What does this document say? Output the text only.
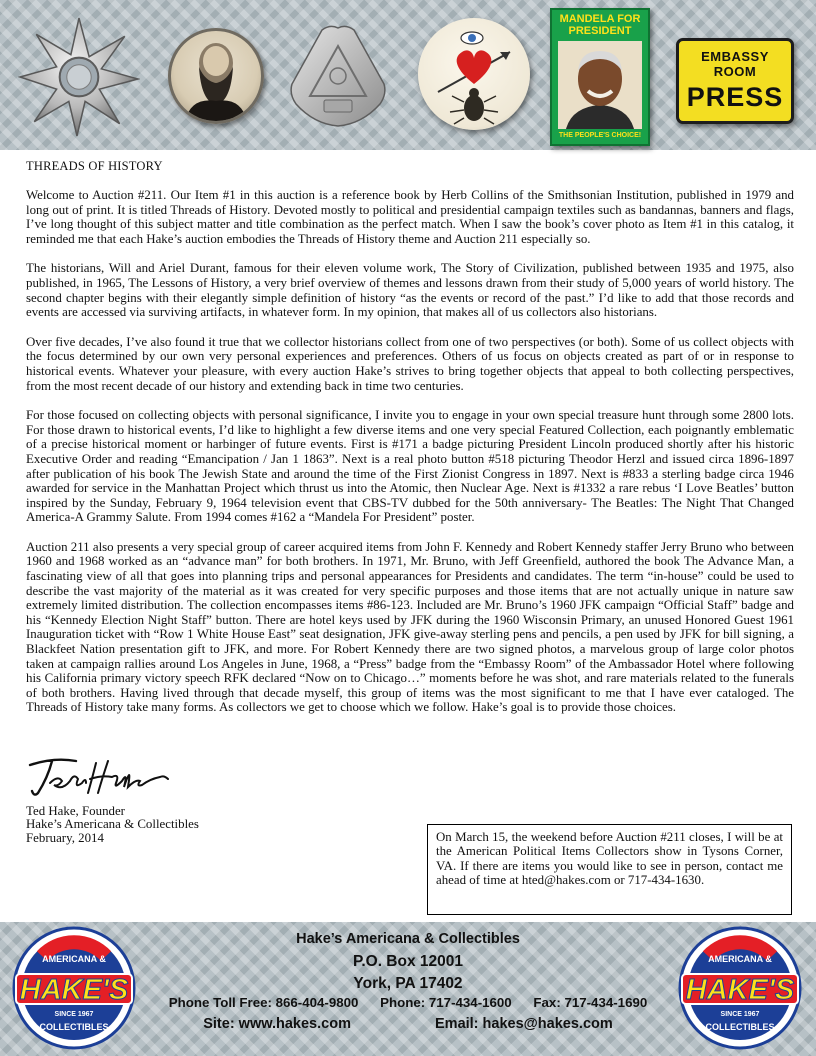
MANDELA FOR PRESIDENT
THE PEOPLE'S CHOICE!
EMBASSY ROOM
PRESS
THREADS OF HISTORY

Welcome to Auction #211. Our Item #1 in this auction is a reference book by Herb Collins of the Smithsonian Institution, published in 1979 and long out of print. It is titled Threads of History. Devoted mostly to political and presidential campaign textiles such as bandannas, banners and flags, I’ve long thought of this subject matter and title combination as the perfect match. When I saw the book’s cover photo as Item #1 in this catalog, it reminded me that each Hake’s auction embodies the Threads of History theme and Auction 211 especially so.

The historians, Will and Ariel Durant, famous for their eleven volume work, The Story of Civilization, published between 1935 and 1975, also published, in 1965, The Lessons of History, a very brief overview of themes and lessons drawn from their study of 5,000 years of world history. The second chapter begins with their elegantly simple definition of history “as the events or record of the past.” I’d like to add that those records and events are accessed via surviving artifacts, in whatever form. In my opinion, that makes all of us collectors also historians.

Over five decades, I’ve also found it true that we collector historians collect from one of two perspectives (or both). Some of us collect objects with the focus determined by our own very personal experiences and preferences. Others of us focus on objects created as part of or in response to historical events. Whatever your pleasure, with every auction Hake’s strives to bring together objects that appeal to both collecting perspectives, from the most recent decade of our history and extending back in time two centuries.

For those focused on collecting objects with personal significance, I invite you to engage in your own special treasure hunt through some 2800 lots. For those drawn to historical events, I’d like to highlight a few diverse items and one very special Featured Collection, each poignantly emblematic of a precise historical moment or harbinger of future events. First is #171 a badge picturing President Lincoln produced shortly after his historic Executive Order and reading “Emancipation / Jan 1 1863”. Next is a real photo button #518 picturing Theodor Herzl and issued circa 1896-1897 after publication of his book The Jewish State and around the time of the First Zionist Congress in 1897. Next is #833 a sterling badge circa 1946 awarded for service in the Manhattan Project which thrust us into the Atomic, then Nuclear Age. Next is #1332 a rare rebus ‘I Love Beatles’ button inspired by the Sunday, February 9, 1964 television event that CBS-TV dubbed for the 50th anniversary- The Beatles: The Night That Changed America-A Grammy Salute. From 1994 comes #162 a “Mandela For President” poster.

Auction 211 also presents a very special group of career acquired items from John F. Kennedy and Robert Kennedy staffer Jerry Bruno who between 1960 and 1968 worked as an “advance man” for both brothers. In 1971, Mr. Bruno, with Jeff Greenfield, authored the book The Advance Man, a fascinating view of all that goes into planning trips and personal appearances for Presidents and candidates. The term “in-house” could be used to describe the vast majority of the material as it was created for very specific purposes and those items that are not actually unique in nature saw extremely limited distribution. The collection encompasses items #86-123. Included are Mr. Bruno’s 1960 JFK campaign “Official Staff” badge and his “Kennedy Election Night Staff” button. There are hotel keys used by JFK during the 1960 Wisconsin Primary, an unused Honored Guest 1961 Inauguration ticket with “Row 1 White House East” seat designation, JFK give-away sterling pens and pencils, a pen used by JFK for bill signing, a Blackfeet Nation presentation gift to JFK, and more. For Robert Kennedy there are two signed photos, a marvelous group of large color photos taken at campaign rallies around Los Angeles in June, 1968, a “Press” badge from the “Embassy Room” of the Ambassador Hotel where following his California primary victory speech RFK declared “Now on to Chicago…” moments before he was shot, and rare materials related to the funerals of both brothers. Having lived through that decade myself, this group of items was the most significant to me that I have ever cataloged. The Threads of History take many forms. As collectors we get to choose which we follow. Hake’s goal is to provide those choices.

Ted Hake, Founder
Hake’s Americana & Collectibles
February, 2014	On March 15, the weekend before Auction #211 closes, I will be at the American Political Items Collectors show in Tysons Corner, VA. If there are items you would like to see in person, contact me ahead of time at hted@hakes.com or 717-434-1630.
AMERICANA &
HAKE'S
SINCE 1967
COLLECTIBLES
Hake’s Americana & Collectibles
P.O. Box 12001
York, PA 17402
Phone Toll Free: 866-404-9800 Phone: 717-434-1600 Fax: 717-434-1690
Site: www.hakes.com	Email: hakes@hakes.com
AMERICANA &
HAKE'S
SINCE 1967
COLLECTIBLES
